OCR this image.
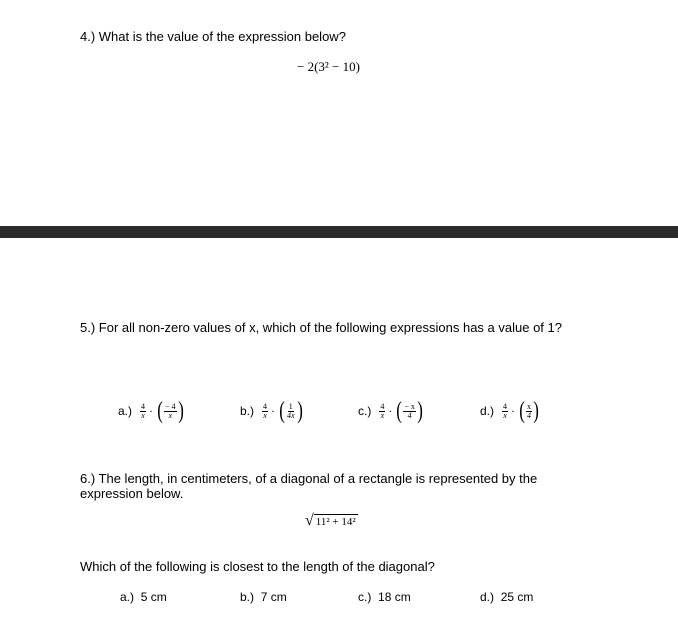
4.) What is the value of the expression below?
− 2(3² − 10)
5.) For all non-zero values of x, which of the following expressions has a value of 1?
$a.) \frac{4}{x}$ · ( $\frac{- 4}{x}$ )	$b.) \frac{4}{x}$ · ( $\frac{1}{4x}$ )	$c.) \frac{4}{x}$ · ( $\frac{- x}{4}$ )	$d.) \frac{4}{x}$ · ( $\frac{x}{4}$ )
6.) The length, in centimeters, of a diagonal of a rectangle is represented by the
expression below.
√ 11² + 14²
Which of the following is closest to the length of the diagonal?
a.) 5 cm	b.) 7 cm	c.) 18 cm	d.) 25 cm
